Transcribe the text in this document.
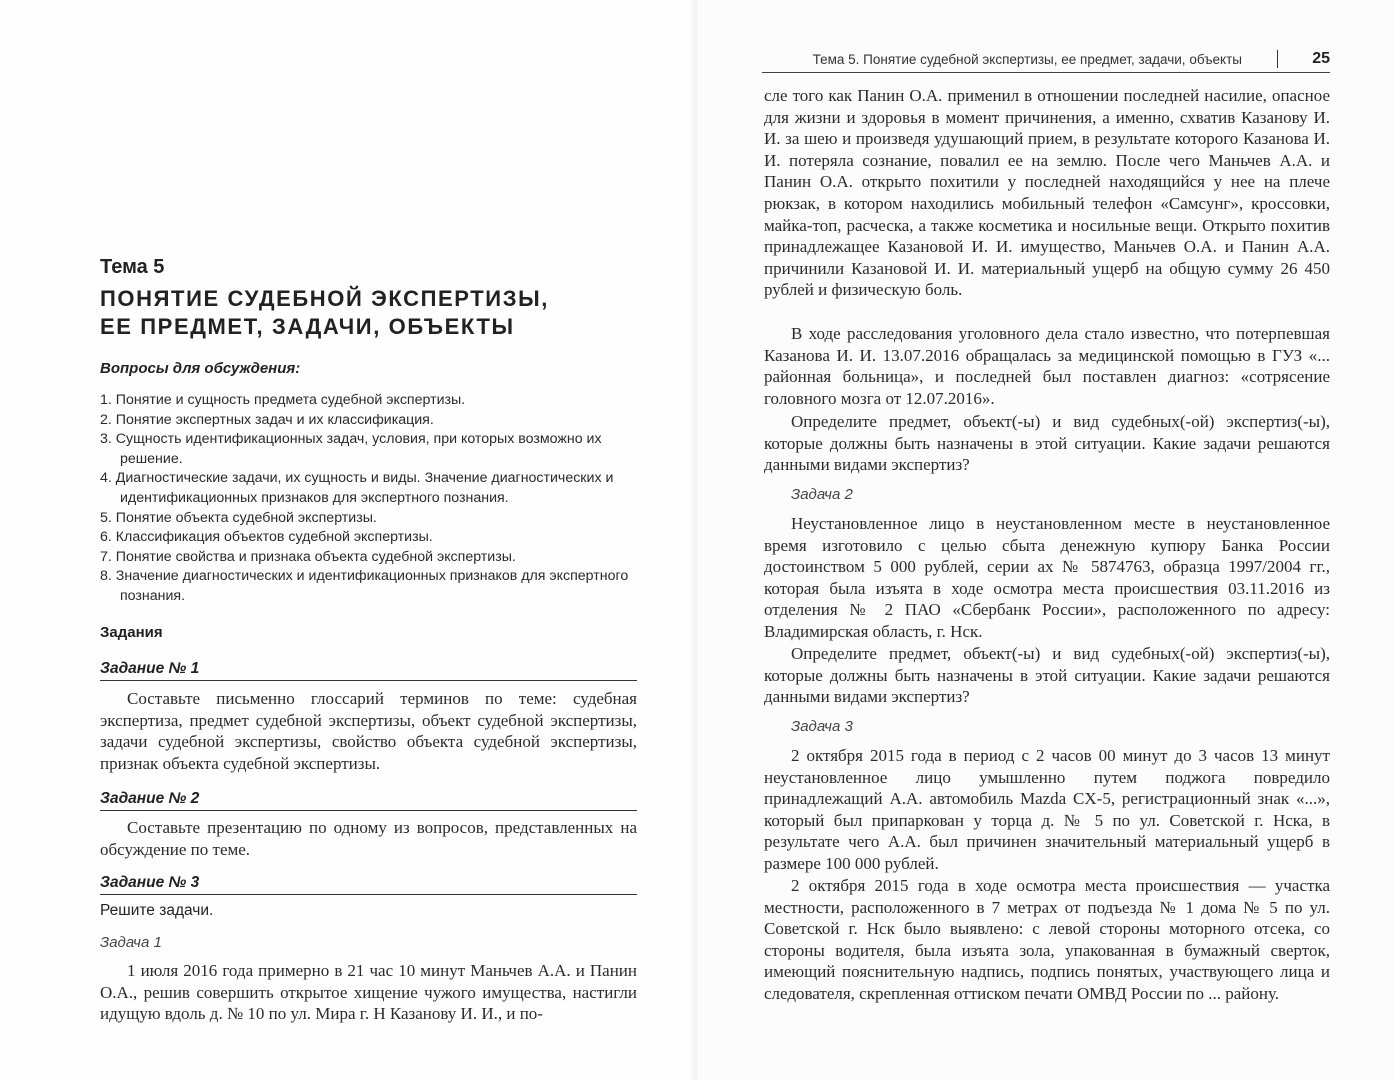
Тема 5
ПОНЯТИЕ СУДЕБНОЙ ЭКСПЕРТИЗЫ,
ЕЕ ПРЕДМЕТ, ЗАДАЧИ, ОБЪЕКТЫ
Вопросы для обсуждения:
1. Понятие и сущность предмета судебной экспертизы.
2. Понятие экспертных задач и их классификация.
3. Сущность идентификационных задач, условия, при которых возможно их решение.
4. Диагностические задачи, их сущность и виды. Значение диагностических и идентификационных признаков для экспертного познания.
5. Понятие объекта судебной экспертизы.
6. Классификация объектов судебной экспертизы.
7. Понятие свойства и признака объекта судебной экспертизы.
8. Значение диагностических и идентификационных признаков для экспертного познания.
Задания
Задание № 1
Составьте письменно глоссарий терминов по теме: судебная экспертиза, предмет судебной экспертизы, объект судебной экспертизы, задачи судебной экспертизы, свойство объекта судебной экспертизы, признак объекта судебной экспертизы.
Задание № 2
Составьте презентацию по одному из вопросов, представленных на обсуждение по теме.
Задание № 3
Решите задачи.
Задача 1
1 июля 2016 года примерно в 21 час 10 минут Маньчев А.А. и Панин О.А., решив совершить открытое хищение чужого имущества, настигли идущую вдоль д. № 10 по ул. Мира г. Н Казанову И. И., и по-
Тема 5. Понятие судебной экспертизы, ее предмет, задачи, объекты	25
сле того как Панин О.А. применил в отношении последней насилие, опасное для жизни и здоровья в момент причинения, а именно, схватив Казанову И. И. за шею и произведя удушающий прием, в результате которого Казанова И. И. потеряла сознание, повалил ее на землю. После чего Маньчев А.А. и Панин О.А. открыто похитили у последней находящийся у нее на плече рюкзак, в котором находились мобильный телефон «Самсунг», кроссовки, майка-топ, расческа, а также косметика и носильные вещи. Открыто похитив принадлежащее Казановой И. И. имущество, Маньчев О.А. и Панин А.А. причинили Казановой И. И. материальный ущерб на общую сумму 26 450 рублей и физическую боль.
В ходе расследования уголовного дела стало известно, что потерпевшая Казанова И. И. 13.07.2016 обращалась за медицинской помощью в ГУЗ «... районная больница», и последней был поставлен диагноз: «сотрясение головного мозга от 12.07.2016».
Определите предмет, объект(-ы) и вид судебных(-ой) экспертиз(-ы), которые должны быть назначены в этой ситуации. Какие задачи решаются данными видами экспертиз?
Задача 2
Неустановленное лицо в неустановленном месте в неустановленное время изготовило с целью сбыта денежную купюру Банка России достоинством 5 000 рублей, серии ах № 5874763, образца 1997/2004 гг., которая была изъята в ходе осмотра места происшествия 03.11.2016 из отделения № 2 ПАО «Сбербанк России», расположенного по адресу: Владимирская область, г. Нск.
Определите предмет, объект(-ы) и вид судебных(-ой) экспертиз(-ы), которые должны быть назначены в этой ситуации. Какие задачи решаются данными видами экспертиз?
Задача 3
2 октября 2015 года в период с 2 часов 00 минут до 3 часов 13 минут неустановленное лицо умышленно путем поджога повредило принадлежащий А.А. автомобиль Mazda CX-5, регистрационный знак «...», который был припаркован у торца д. № 5 по ул. Советской г. Нска, в результате чего А.А. был причинен значительный материальный ущерб в размере 100 000 рублей.
2 октября 2015 года в ходе осмотра места происшествия — участка местности, расположенного в 7 метрах от подъезда № 1 дома № 5 по ул. Советской г. Нск было выявлено: с левой стороны моторного отсека, со стороны водителя, была изъята зола, упакованная в бумажный сверток, имеющий пояснительную надпись, подпись понятых, участвующего лица и следователя, скрепленная оттиском печати ОМВД России по ... району.
